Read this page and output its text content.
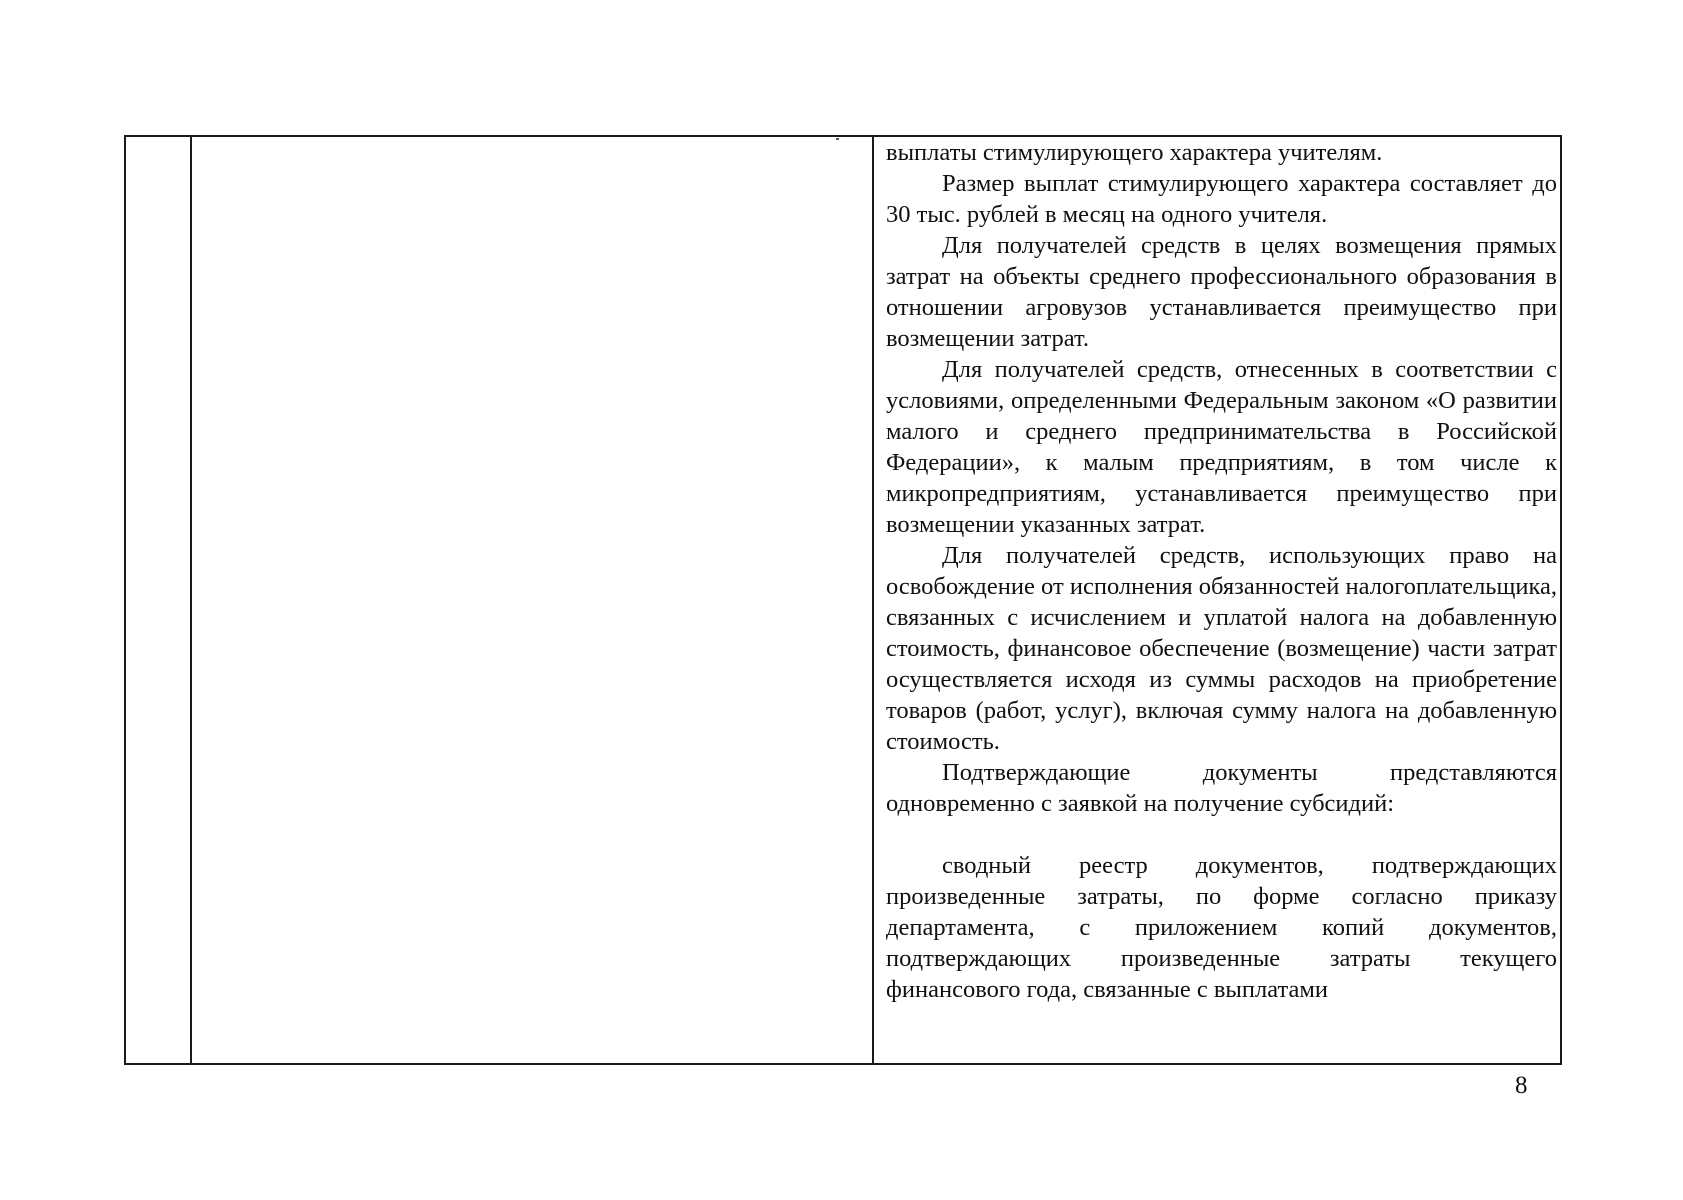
выплаты стимулирующего характера учителям.

Размер выплат стимулирующего характера составляет до 30 тыс. рублей в месяц на одного учителя.

Для получателей средств в целях возмещения прямых затрат на объекты среднего профессионального образования в отношении агровузов устанавливается преимущество при возмещении затрат.

Для получателей средств, отнесенных в соответствии с условиями, определенными Федеральным законом «О развитии малого и среднего предпринимательства в Российской Федерации», к малым предприятиям, в том числе к микропредприятиям, устанавливается преимущество при возмещении указанных затрат.

Для получателей средств, использующих право на освобождение от исполнения обязанностей налогоплательщика, связанных с исчислением и уплатой налога на добавленную стоимость, финансовое обеспечение (возмещение) части затрат осуществляется исходя из суммы расходов на приобретение товаров (работ, услуг), включая сумму налога на добавленную стоимость.

Подтверждающие документы представляются одновременно с заявкой на получение субсидий:

сводный реестр документов, подтверждающих произведенные затраты, по форме согласно приказу департамента, с приложением копий документов, подтверждающих произведенные затраты текущего финансового года, связанные с выплатами

8
